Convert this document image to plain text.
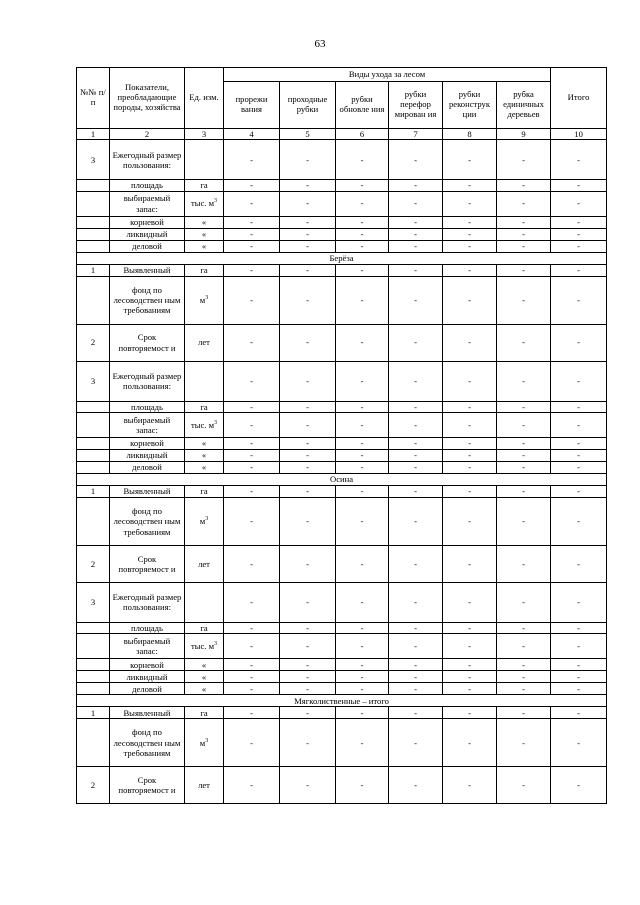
63
№№ п/п	Показатели, преобладающие породы, хозяйства	Ед. изм.	Виды ухода за лесом						Итого
			прорежи вания	проходные рубки	рубки обновле ния	рубки перефор мирован ия	рубки реконструк ции	рубка единичных деревьев	
1	2	3	4	5	6	7	8	9	10
3	Ежегодный размер пользования:		-	-	-	-	-	-	-
	площадь	га	-	-	-	-	-	-	-
	выбираемый запас:	тыс. $м^3$	-	-	-	-	-	-	-
	корневой	«	-	-	-	-	-	-	-
	ликвидный	«	-	-	-	-	-	-	-
	деловой	«	-	-	-	-	-	-	-
Берёза									
1	Выявленный	га	-	-	-	-	-	-	-
	фонд по лесоводствен ным требованиям	$м^3$	-	-	-	-	-	-	-
2	Срок повторяемост и	лет	-	-	-	-	-	-	-
3	Ежегодный размер пользования:		-	-	-	-	-	-	-
	площадь	га	-	-	-	-	-	-	-
	выбираемый запас:	тыс. $м^3$	-	-	-	-	-	-	-
	корневой	«	-	-	-	-	-	-	-
	ликвидный	«	-	-	-	-	-	-	-
	деловой	«	-	-	-	-	-	-	-
Осина									
1	Выявленный	га	-	-	-	-	-	-	-
	фонд по лесоводствен ным требованиям	$м^3$	-	-	-	-	-	-	-
2	Срок повторяемост и	лет	-	-	-	-	-	-	-
3	Ежегодный размер пользования:		-	-	-	-	-	-	-
	площадь	га	-	-	-	-	-	-	-
	выбираемый запас:	тыс. $м^3$	-	-	-	-	-	-	-
	корневой	«	-	-	-	-	-	-	-
	ликвидный	«	-	-	-	-	-	-	-
	деловой	«	-	-	-	-	-	-	-
Мягколиственные – итого									
1	Выявленный	га	-	-	-	-	-	-	-
	фонд по лесоводствен ным требованиям	$м^3$	-	-	-	-	-	-	-
2	Срок повторяемост и	лет	-	-	-	-	-	-	-
